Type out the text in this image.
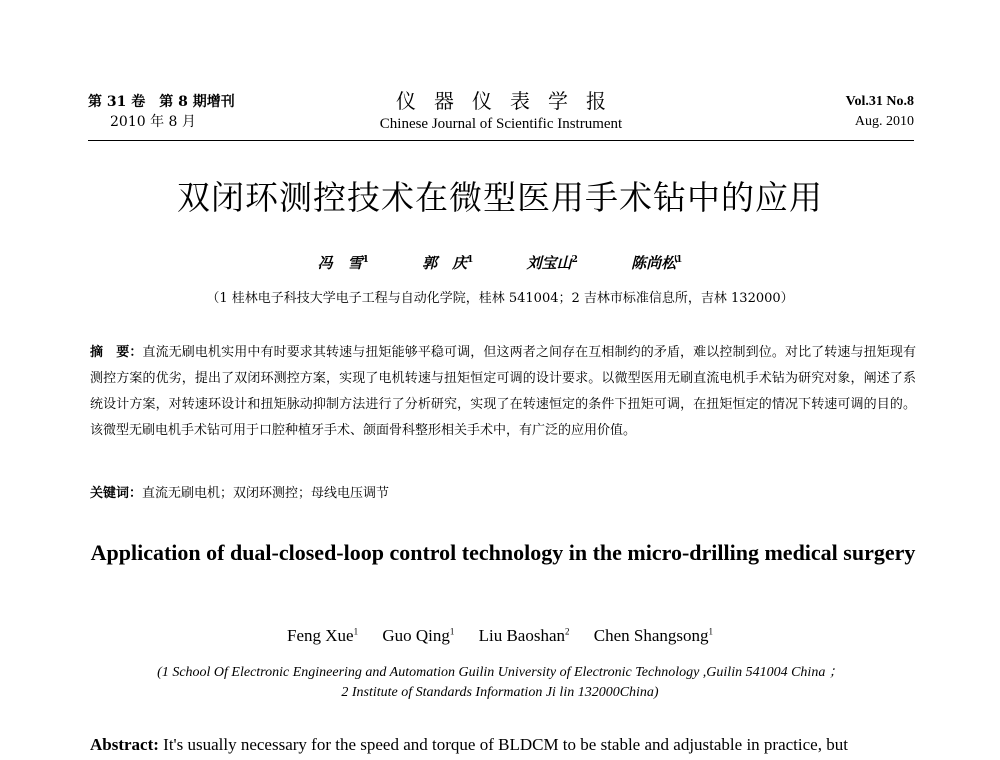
第 31 卷　第 8 期增刊
2010 年 8 月
仪器仪表学报
Chinese Journal of Scientific Instrument
Vol.31 No.8
Aug. 2010
双闭环测控技术在微型医用手术钻中的应用
冯　雪$^1$	郭　庆$^1$	刘宝山$^2$	陈尚松$^1$
（1 桂林电子科技大学电子工程与自动化学院，桂林 541004；2 吉林市标准信息所，吉林 132000）
摘　要：直流无刷电机实用中有时要求其转速与扭矩能够平稳可调，但这两者之间存在互相制约的矛盾，难以控制到位。对比了转速与扭矩现有测控方案的优劣，提出了双闭环测控方案，实现了电机转速与扭矩恒定可调的设计要求。以微型医用无刷直流电机手术钻为研究对象，阐述了系统设计方案，对转速环设计和扭矩脉动抑制方法进行了分析研究，实现了在转速恒定的条件下扭矩可调，在扭矩恒定的情况下转速可调的目的。该微型无刷电机手术钻可用于口腔种植牙手术、颌面骨科整形相关手术中，有广泛的应用价值。
关键词：直流无刷电机；双闭环测控；母线电压调节
Application of dual-closed-loop control technology in the micro-drilling medical surgery
Feng Xue$^1$ Guo Qing$^1$ Liu Baoshan$^2$ Chen Shangsong$^1$
(1 School Of Electronic Engineering and Automation Guilin University of Electronic Technology ,Guilin 541004 China ；
2 Institute of Standards Information Ji lin 132000China)
Abstract: It's usually necessary for the speed and torque of BLDCM to be stable and adjustable in practice, but
